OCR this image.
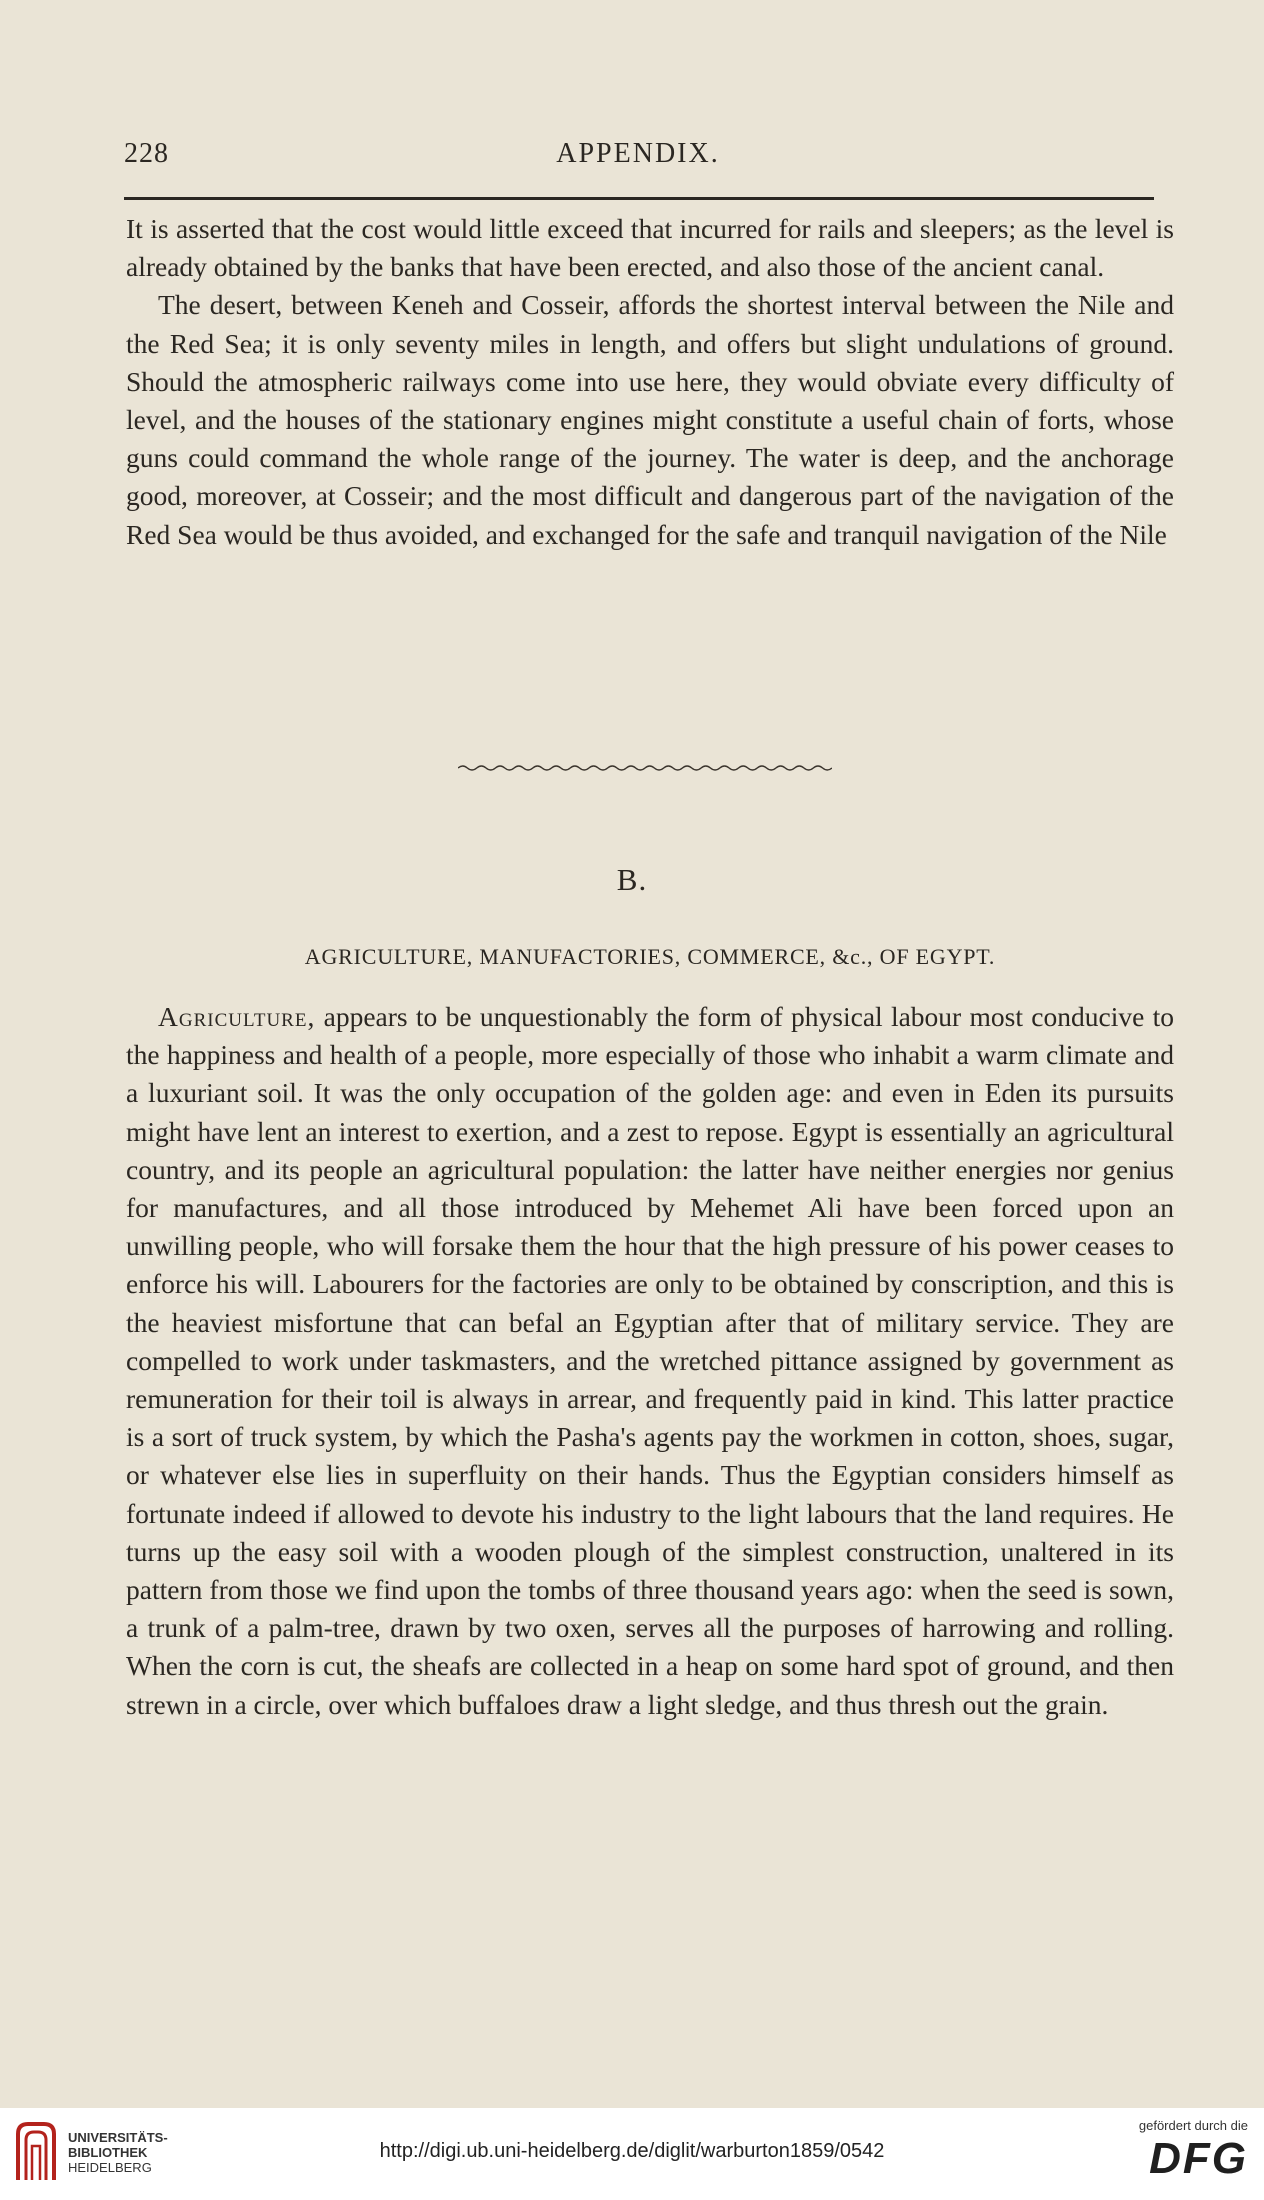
228	APPENDIX.

It is asserted that the cost would little exceed that incurred for rails and sleepers; as the level is already obtained by the banks that have been erected, and also those of the ancient canal.

The desert, between Keneh and Cosseir, affords the shortest interval between the Nile and the Red Sea; it is only seventy miles in length, and offers but slight undulations of ground. Should the atmospheric railways come into use here, they would obviate every difficulty of level, and the houses of the stationary engines might constitute a useful chain of forts, whose guns could command the whole range of the journey. The water is deep, and the anchorage good, moreover, at Cosseir; and the most difficult and dangerous part of the navigation of the Red Sea would be thus avoided, and exchanged for the safe and tranquil navigation of the Nile

B.
AGRICULTURE, MANUFACTORIES, COMMERCE, &c., OF EGYPT.

Agriculture, appears to be unquestionably the form of physical labour most conducive to the happiness and health of a people, more especially of those who inhabit a warm climate and a luxuriant soil. It was the only occupation of the golden age: and even in Eden its pursuits might have lent an interest to exertion, and a zest to repose. Egypt is essentially an agricultural country, and its people an agricultural population: the latter have neither energies nor genius for manufactures, and all those introduced by Mehemet Ali have been forced upon an unwilling people, who will forsake them the hour that the high pressure of his power ceases to enforce his will. Labourers for the factories are only to be obtained by conscription, and this is the heaviest misfortune that can befal an Egyptian after that of military service. They are compelled to work under taskmasters, and the wretched pittance assigned by government as remuneration for their toil is always in arrear, and frequently paid in kind. This latter practice is a sort of truck system, by which the Pasha's agents pay the workmen in cotton, shoes, sugar, or whatever else lies in superfluity on their hands. Thus the Egyptian considers himself as fortunate indeed if allowed to devote his industry to the light labours that the land requires. He turns up the easy soil with a wooden plough of the simplest construction, unaltered in its pattern from those we find upon the tombs of three thousand years ago: when the seed is sown, a trunk of a palm-tree, drawn by two oxen, serves all the purposes of harrowing and rolling. When the corn is cut, the sheafs are collected in a heap on some hard spot of ground, and then strewn in a circle, over which buffaloes draw a light sledge, and thus thresh out the grain.

UNIVERSITÄTS-
BIBLIOTHEK
HEIDELBERG
http://digi.ub.uni-heidelberg.de/diglit/warburton1859/0542
gefördert durch die
DFG
